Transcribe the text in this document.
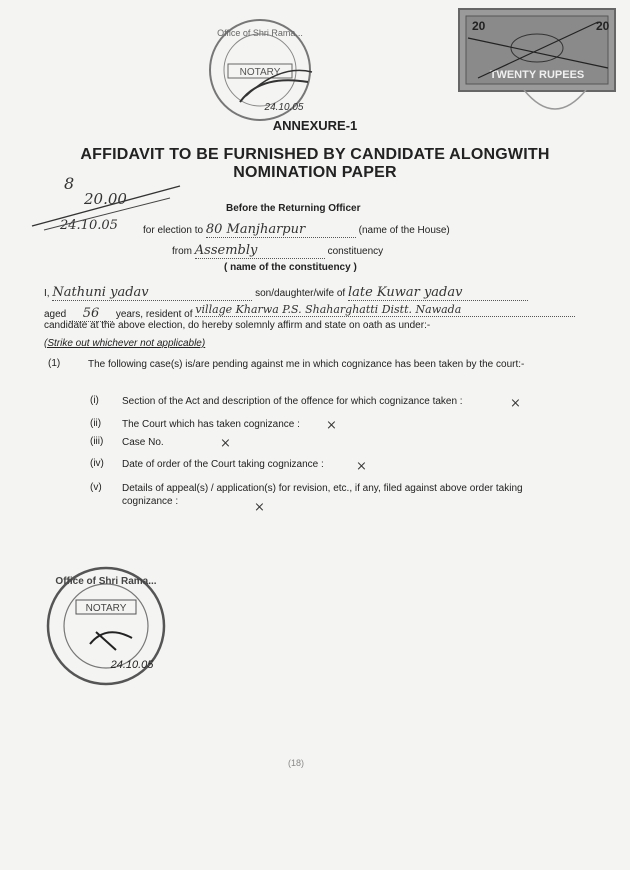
Office of Shri Rama...
NOTARY
24.10.05
20	20
TWENTY RUPEES
ANNEXURE-1
AFFIDAVIT TO BE FURNISHED BY CANDIDATE ALONGWITH
NOMINATION PAPER
8
20.00
24.10.05
Before the Returning Officer
for election to 80 Manjharpur	(name of the House)
from Assembly	constituency
( name of the constituency )
I, Nathuni yadav	son/daughter/wife of late Kuwar yadav
aged 56 years, resident of village Kharwa P.S. Shaharghatti Distt. Nawada
candidate at the above election, do hereby solemnly affirm and state on oath as under:-
(Strike out whichever not applicable)
(1)	The following case(s) is/are pending against me in which cognizance has been taken by the court:-
(i) Section of the Act and description of the offence for which cognizance taken :	×
(ii) The Court which has taken cognizance :	×
(iii) Case No.	×
(iv) Date of order of the Court taking cognizance :	×
(v) Details of appeal(s) / application(s) for revision, etc., if any, filed against above order taking cognizance :	×
Office of Shri Rama...
NOTARY
24.10.05
(18)
